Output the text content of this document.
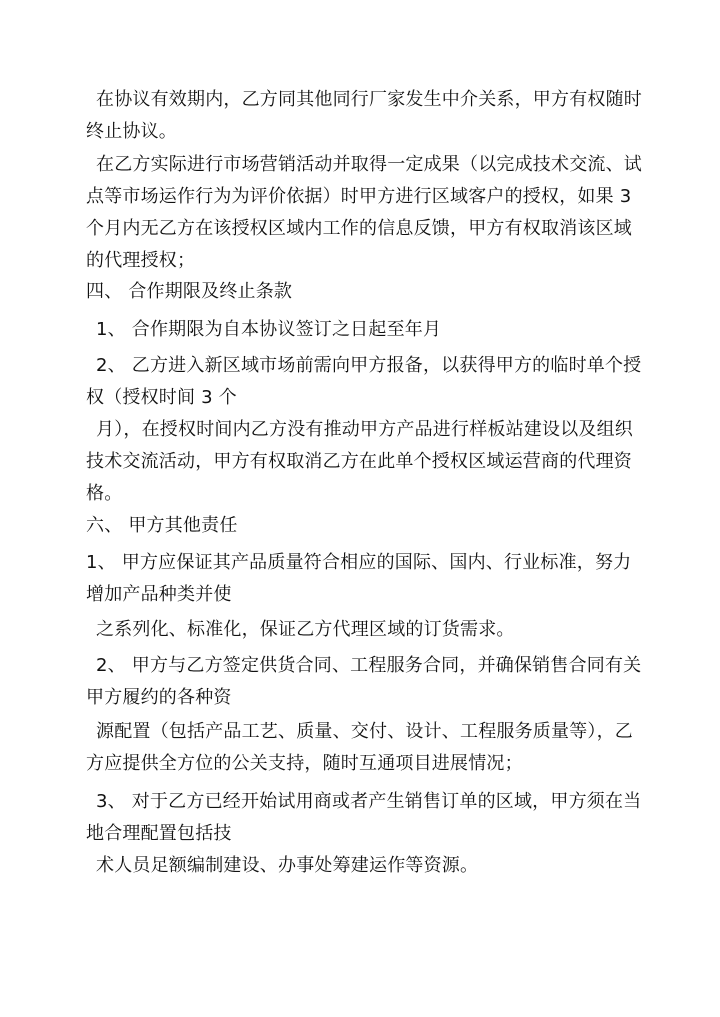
在协议有效期内，乙方同其他同行厂家发生中介关系，甲方有权随时终止协议。

在乙方实际进行市场营销活动并取得一定成果（以完成技术交流、试点等市场运作行为为评价依据）时甲方进行区域客户的授权，如果 3 个月内无乙方在该授权区域内工作的信息反馈，甲方有权取消该区域的代理授权；

四、 合作期限及终止条款

1、 合作期限为自本协议签订之日起至年月

2、 乙方进入新区域市场前需向甲方报备，以获得甲方的临时单个授权（授权时间 3 个

月），在授权时间内乙方没有推动甲方产品进行样板站建设以及组织技术交流活动，甲方有权取消乙方在此单个授权区域运营商的代理资格。

六、 甲方其他责任

1、 甲方应保证其产品质量符合相应的国际、国内、行业标准，努力增加产品种类并使

之系列化、标准化，保证乙方代理区域的订货需求。

2、 甲方与乙方签定供货合同、工程服务合同，并确保销售合同有关甲方履约的各种资

源配置（包括产品工艺、质量、交付、设计、工程服务质量等），乙方应提供全方位的公关支持，随时互通项目进展情况；

3、 对于乙方已经开始试用商或者产生销售订单的区域，甲方须在当地合理配置包括技

术人员足额编制建设、办事处筹建运作等资源。
